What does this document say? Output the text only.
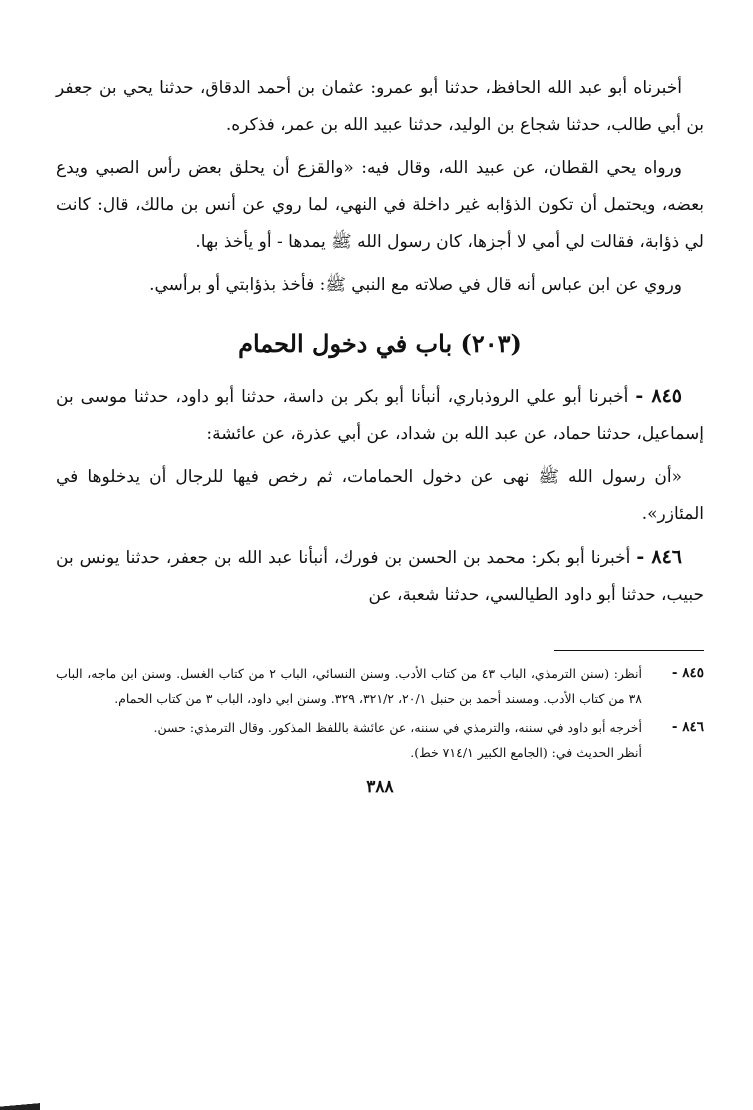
أخبرناه أبو عبد الله الحافظ، حدثنا أبو عمرو: عثمان بن أحمد الدقاق، حدثنا يحي بن جعفر بن أبي طالب، حدثنا شجاع بن الوليد، حدثنا عبيد الله بن عمر، فذكره.

ورواه يحي القطان، عن عبيد الله، وقال فيه: «والقزع أن يحلق بعض رأس الصبي ويدع بعضه، ويحتمل أن تكون الذؤابه غير داخلة في النهي، لما روي عن أنس بن مالك، قال: كانت لي ذؤابة، فقالت لي أمي لا أجزها، كان رسول الله ﷺ يمدها - أو يأخذ بها.

وروي عن ابن عباس أنه قال في صلاته مع النبي ﷺ: فأخذ بذؤابتي أو برأسي.

(٢٠٣) باب في دخول الحمام

٨٤٥ - أخبرنا أبو علي الروذباري، أنبأنا أبو بكر بن داسة، حدثنا أبو داود، حدثنا موسى بن إسماعيل، حدثنا حماد، عن عبد الله بن شداد، عن أبي عذرة، عن عائشة:

«أن رسول الله ﷺ نهى عن دخول الحمامات، ثم رخص فيها للرجال أن يدخلوها في المئازر».

٨٤٦ - أخبرنا أبو بكر: محمد بن الحسن بن فورك، أنبأنا عبد الله بن جعفر، حدثنا يونس بن حبيب، حدثنا أبو داود الطيالسي، حدثنا شعبة، عن

٨٤٥ -
أنظر: (سنن الترمذي، الباب ٤٣ من كتاب الأدب. وسنن النسائي، الباب ٢ من كتاب الغسل. وسنن ابن ماجه، الباب ٣٨ من كتاب الأدب. ومسند أحمد بن حنبل ٢٠/١، ٣٢١/٢، ٣٢٩. وسنن ابي داود، الباب ٣ من كتاب الحمام.
٨٤٦ -
أخرجه أبو داود في سننه، والترمذي في سننه، عن عائشة باللفظ المذكور. وقال الترمذي: حسن.
أنظر الحديث في: (الجامع الكبير ٧١٤/١ خط).
٣٨٨
